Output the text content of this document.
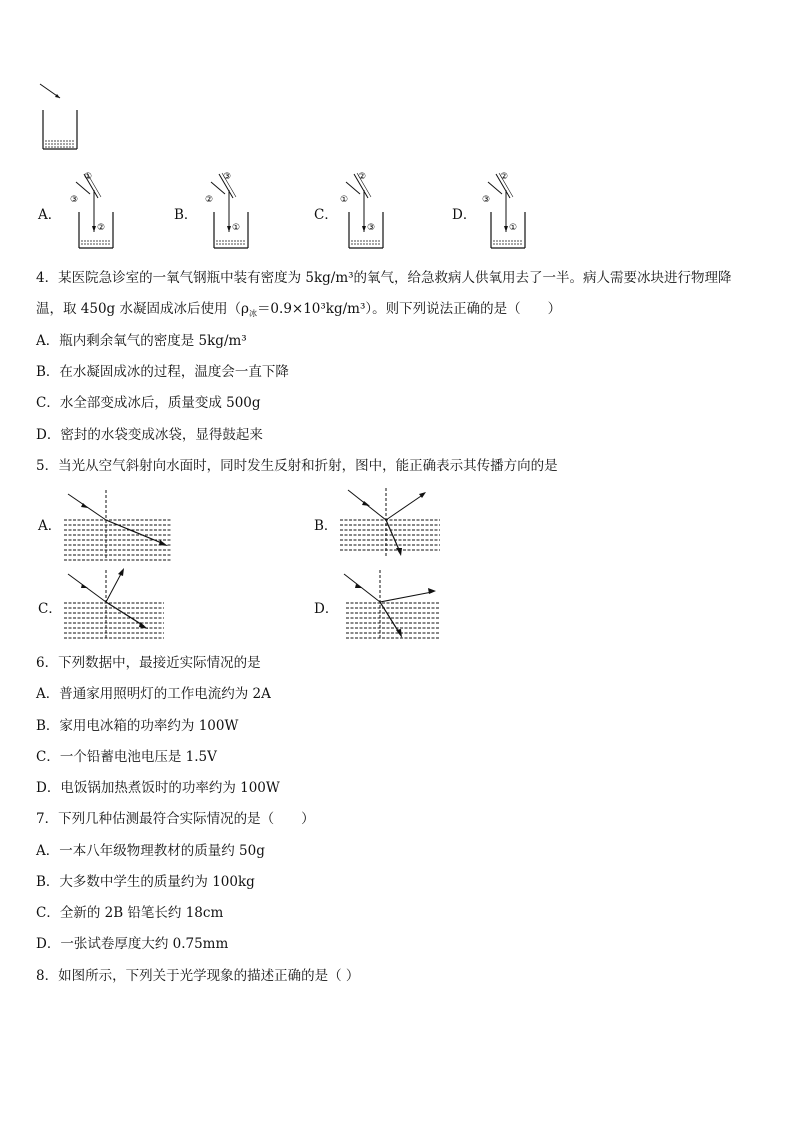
A．	B．	C．	D．
①
③
②
③
②
①
②
①
③
②
③
①
4．某医院急诊室的一氧气钢瓶中装有密度为 5kg/m³的氧气，给急救病人供氧用去了一半。病人需要冰块进行物理降
温，取 450g 水凝固成冰后使用$(\rho_冰=0.9\times 10^3kg/m^3)$。则下列说法正确的是（　　）
A．瓶内剩余氧气的密度是 5kg/m³
B．在水凝固成冰的过程，温度会一直下降
C．水全部变成冰后，质量变成 500g
D．密封的水袋变成冰袋，显得鼓起来
5．当光从空气斜射向水面时，同时发生反射和折射，图中，能正确表示其传播方向的是
A．	B．
C．	D．
6．下列数据中，最接近实际情况的是
A．普通家用照明灯的工作电流约为 2A
B．家用电冰箱的功率约为 100W
C．一个铅蓄电池电压是 1.5V
D．电饭锅加热煮饭时的功率约为 100W
7．下列几种估测最符合实际情况的是（　　）
A．一本八年级物理教材的质量约 50g
B．大多数中学生的质量约为 100kg
C．全新的 2B 铅笔长约 18cm
D．一张试卷厚度大约 0.75mm
8．如图所示，下列关于光学现象的描述正确的是（ ）
